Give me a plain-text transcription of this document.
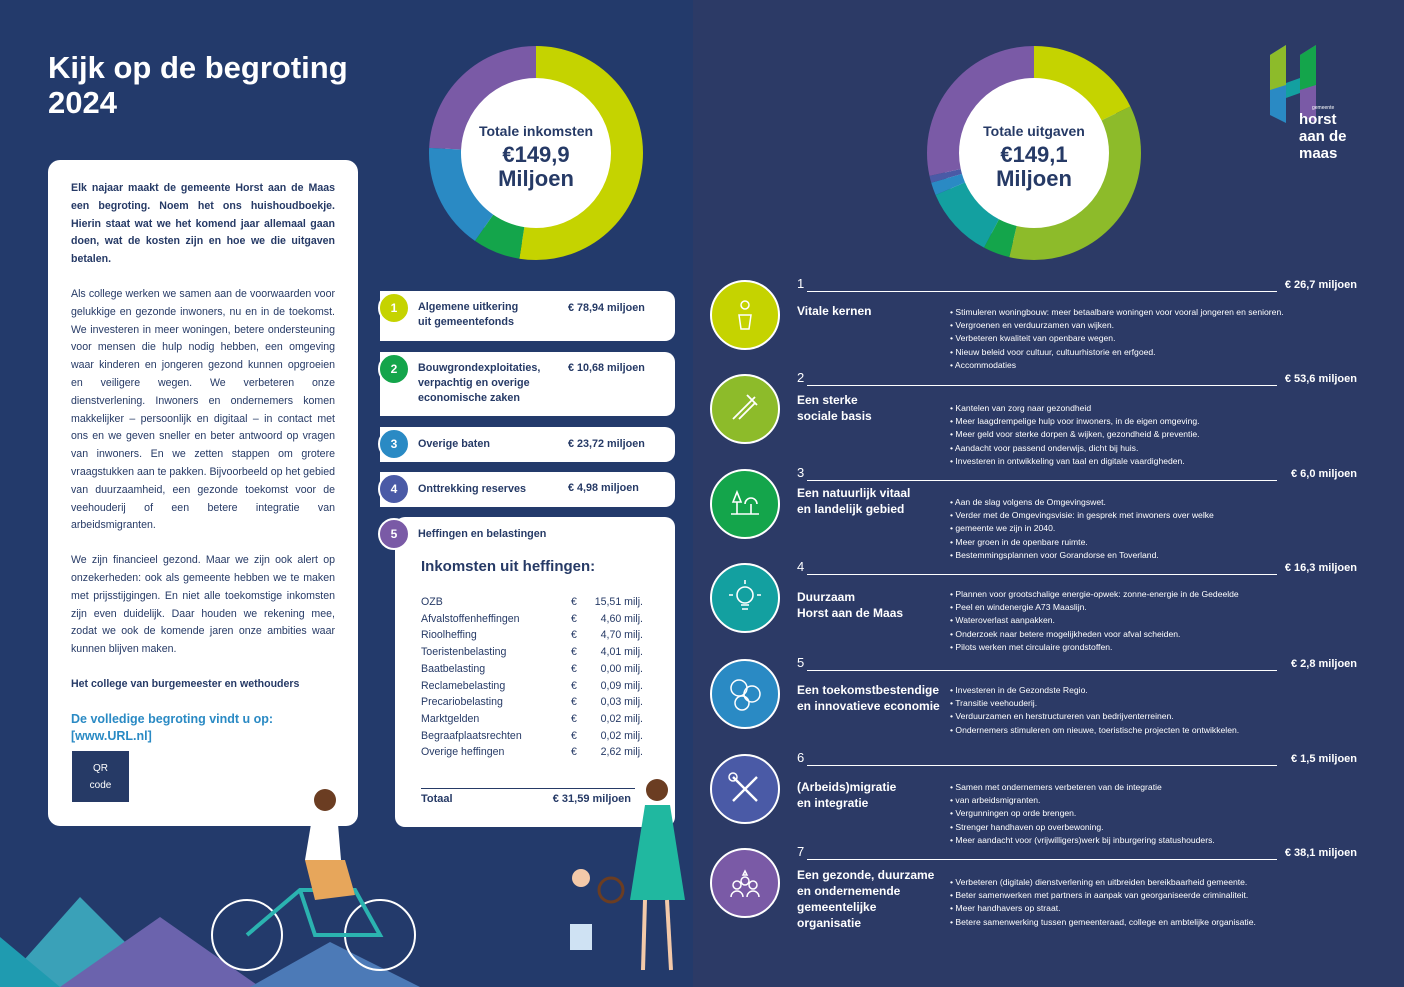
Kijk op de begroting 2024

Elk najaar maakt de gemeente Horst aan de Maas een begroting. Noem het ons huishoudboekje. Hierin staat wat we het komend jaar allemaal gaan doen, wat de kosten zijn en hoe we die uitgaven betalen.

Als college werken we samen aan de voorwaarden voor gelukkige en gezonde inwoners, nu en in de toekomst. We investeren in meer woningen, betere ondersteuning voor mensen die hulp nodig hebben, een omgeving waar kinderen en jongeren gezond kunnen opgroeien en veiligere wegen. We verbeteren onze dienstverlening. Inwoners en ondernemers komen makkelijker – persoonlijk en digitaal – in contact met ons en we geven sneller en beter antwoord op vragen van inwoners. En we zetten stappen om grotere vraagstukken aan te pakken. Bijvoorbeeld op het gebied van duurzaamheid, een gezonde toekomst voor de veehouderij of een betere integratie van arbeidsmigranten.

We zijn financieel gezond. Maar we zijn ook alert op onzekerheden: ook als gemeente hebben we te maken met prijsstijgingen. En niet alle toekomstige inkomsten zijn even duidelijk. Daar houden we rekening mee, zodat we ook de komende jaren onze ambities waar kunnen blijven maken.

Het college van burgemeester en wethouders

De volledige begroting vindt u op:
[www.URL.nl]

QR
code
Totale inkomsten
€149,9
Miljoen
Totale uitgaven
€149,1
Miljoen
1	Algemene uitkering
uit gemeentefonds
€ 78,94 miljoen
2	Bouwgrondexploitaties,
verpachtig en overige
economische zaken
€ 10,68 miljoen
3	Overige baten	€ 23,72 miljoen
4	Onttrekking reserves	€ 4,98 miljoen
5	Heffingen en belastingen
Inkomsten uit heffingen:
OZB	€ 15,51 milj.
Afvalstoffenheffingen	€ 4,60 milj.
Rioolheffing	€ 4,70 milj.
Toeristenbelasting	€ 4,01 milj.
Baatbelasting	€ 0,00 milj.
Reclamebelasting	€ 0,09 milj.
Precariobelasting	€ 0,03 milj.
Marktgelden	€ 0,02 milj.
Begraafplaatsrechten	€ 0,02 milj.
Overige heffingen	€ 2,62 milj.
Totaal	€ 31,59 miljoen
1	€ 26,7 miljoen
Vitale kernen	• Stimuleren woningbouw: meer betaalbare woningen voor vooral jongeren en senioren.
• Vergroenen en verduurzamen van wijken.
• Verbeteren kwaliteit van openbare wegen.
• Nieuw beleid voor cultuur, cultuurhistorie en erfgoed.
• Accommodaties
2	€ 53,6 miljoen
Een sterke
sociale basis

• Kantelen van zorg naar gezondheid
• Meer laagdrempelige hulp voor inwoners, in de eigen omgeving.
• Meer geld voor sterke dorpen & wijken, gezondheid & preventie.
• Aandacht voor passend onderwijs, dicht bij huis.
• Investeren in ontwikkeling van taal en digitale vaardigheden.
3	€ 6,0 miljoen
Een natuurlijk vitaal
en landelijk gebied	• Aan de slag volgens de Omgevingswet.
• Verder met de Omgevingsvisie: in gesprek met inwoners over welke
• gemeente we zijn in 2040.
• Meer groen in de openbare ruimte.
• Bestemmingsplannen voor Gorandorse en Toverland.
4	€ 16,3 miljoen
Duurzaam
Horst aan de Maas

• Plannen voor grootschalige energie-opwek: zonne-energie in de Gedeelde
• Peel en windenergie A73 Maaslijn.
• Wateroverlast aanpakken.
• Onderzoek naar betere mogelijkheden voor afval scheiden.
• Pilots werken met circulaire grondstoffen.
5	€ 2,8 miljoen
Een toekomstbestendige
en innovatieve economie

• Investeren in de Gezondste Regio.
• Transitie veehouderij.
• Verduurzamen en herstructureren van bedrijventerreinen.
• Ondernemers stimuleren om nieuwe, toeristische projecten te ontwikkelen.
6	€ 1,5 miljoen
(Arbeids)migratie
en integratie

• Samen met ondernemers verbeteren van de integratie
• van arbeidsmigranten.
• Vergunningen op orde brengen.
• Strenger handhaven op overbewoning.
• Meer aandacht voor (vrijwilligers)werk bij inburgering statushouders.
7	€ 38,1 miljoen
Een gezonde, duurzame
en ondernemende
gemeentelijke
organisatie

• Verbeteren (digitale) dienstverlening en uitbreiden bereikbaarheid gemeente.
• Beter samenwerken met partners in aanpak van georganiseerde criminaliteit.
• Meer handhavers op straat.
• Betere samenwerking tussen gemeenteraad, college en ambtelijke organisatie.
gemeente
horst
aan de
maas
